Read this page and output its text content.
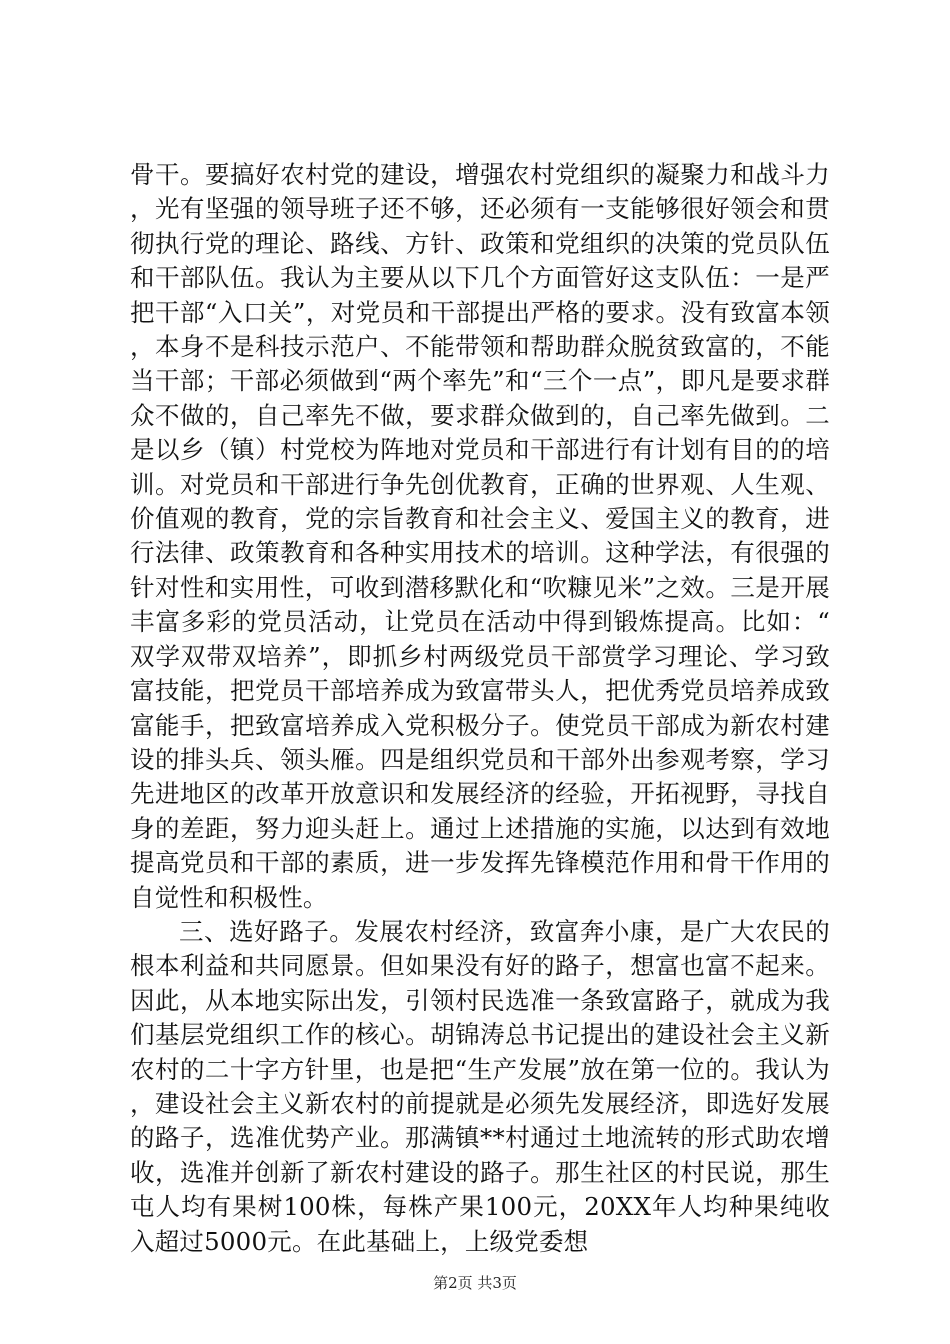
骨干。要搞好农村党的建设，增强农村党组织的凝聚力和战斗力，光有坚强的领导班子还不够，还必须有一支能够很好领会和贯彻执行党的理论、路线、方针、政策和党组织的决策的党员队伍和干部队伍。我认为主要从以下几个方面管好这支队伍：一是严把干部“入口关”，对党员和干部提出严格的要求。没有致富本领，本身不是科技示范户、不能带领和帮助群众脱贫致富的，不能当干部；干部必须做到“两个率先”和“三个一点”，即凡是要求群众不做的，自己率先不做，要求群众做到的，自己率先做到。二是以乡（镇）村党校为阵地对党员和干部进行有计划有目的的培训。对党员和干部进行争先创优教育，正确的世界观、人生观、价值观的教育，党的宗旨教育和社会主义、爱国主义的教育，进行法律、政策教育和各种实用技术的培训。这种学法，有很强的针对性和实用性，可收到潜移默化和“吹糠见米”之效。三是开展丰富多彩的党员活动，让党员在活动中得到锻炼提高。比如：“双学双带双培养”，即抓乡村两级党员干部赏学习理论、学习致富技能，把党员干部培养成为致富带头人，把优秀党员培养成致富能手，把致富培养成入党积极分子。使党员干部成为新农村建设的排头兵、领头雁。四是组织党员和干部外出参观考察，学习先进地区的改革开放意识和发展经济的经验，开拓视野，寻找自身的差距，努力迎头赶上。通过上述措施的实施，以达到有效地提高党员和干部的素质，进一步发挥先锋模范作用和骨干作用的自觉性和积极性。

三、选好路子。发展农村经济，致富奔小康，是广大农民的根本利益和共同愿景。但如果没有好的路子，想富也富不起来。因此，从本地实际出发，引领村民选准一条致富路子，就成为我们基层党组织工作的核心。胡锦涛总书记提出的建设社会主义新农村的二十字方针里，也是把“生产发展”放在第一位的。我认为，建设社会主义新农村的前提就是必须先发展经济，即选好发展的路子，选准优势产业。那满镇**村通过土地流转的形式助农增收，选准并创新了新农村建设的路子。那生社区的村民说，那生屯人均有果树100株，每株产果100元，20XX年人均种果纯收入超过5000元。在此基础上，上级党委想

第2页 共3页
